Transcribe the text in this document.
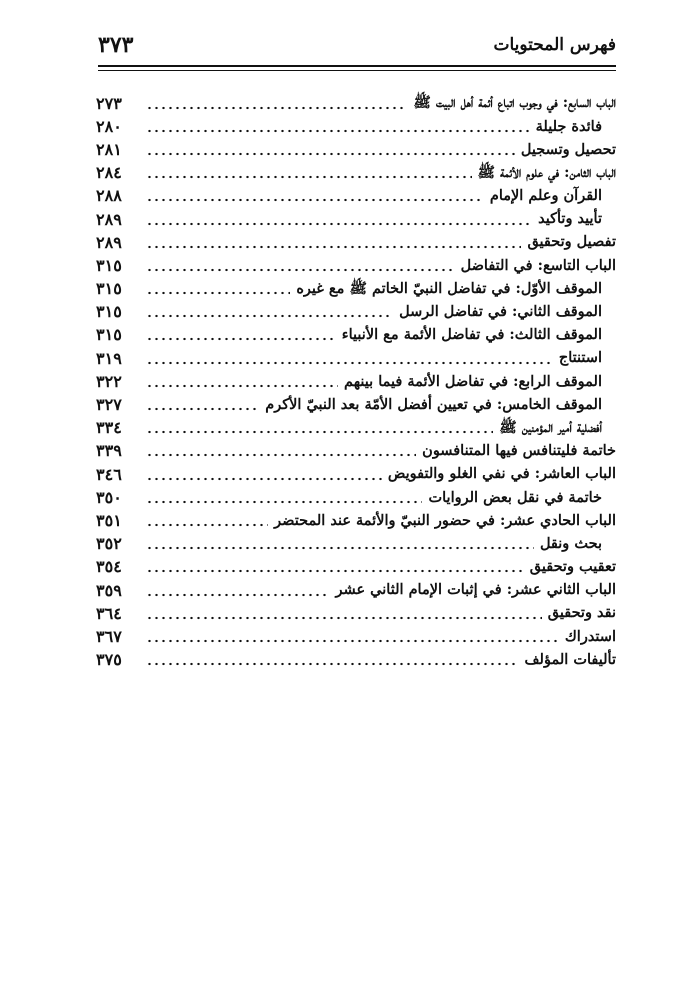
فهرس المحتويات
٣٧٣
الباب السابع: في وجوب اتباع أئمة أهل البيت ﷺ
٢٧٣
فائدة جليلة
٢٨٠
تحصيل وتسجيل
٢٨١
الباب الثامن: في علوم الأئمة ﷺ
٢٨٤
القرآن وعلم الإمام
٢٨٨
تأييد وتأكيد
٢٨٩
تفصيل وتحقيق
٢٨٩
الباب التاسع: في التفاضل
٣١٥
الموقف الأوّل: في تفاضل النبيّ الخاتم ﷺ مع غيره
٣١٥
الموقف الثاني: في تفاضل الرسل
٣١٥
الموقف الثالث: في تفاضل الأئمة مع الأنبياء
٣١٥
استنتاج
٣١٩
الموقف الرابع: في تفاضل الأئمة فيما بينهم
٣٢٢
الموقف الخامس: في تعيين أفضل الأمّة بعد النبيّ الأكرم
٣٢٧
أفضلية أمير المؤمنين ﷺ
٣٣٤
خاتمة فليتنافس فيها المتنافسون
٣٣٩
الباب العاشر: في نفي الغلو والتفويض
٣٤٦
خاتمة في نقل بعض الروايات
٣٥٠
الباب الحادي عشر: في حضور النبيّ والأئمة عند المحتضر
٣٥١
بحث ونقل
٣٥٢
تعقيب وتحقيق
٣٥٤
الباب الثاني عشر: في إثبات الإمام الثاني عشر
٣٥٩
نقد وتحقيق
٣٦٤
استدراك
٣٦٧
تأليفات المؤلف
٣٧٥
